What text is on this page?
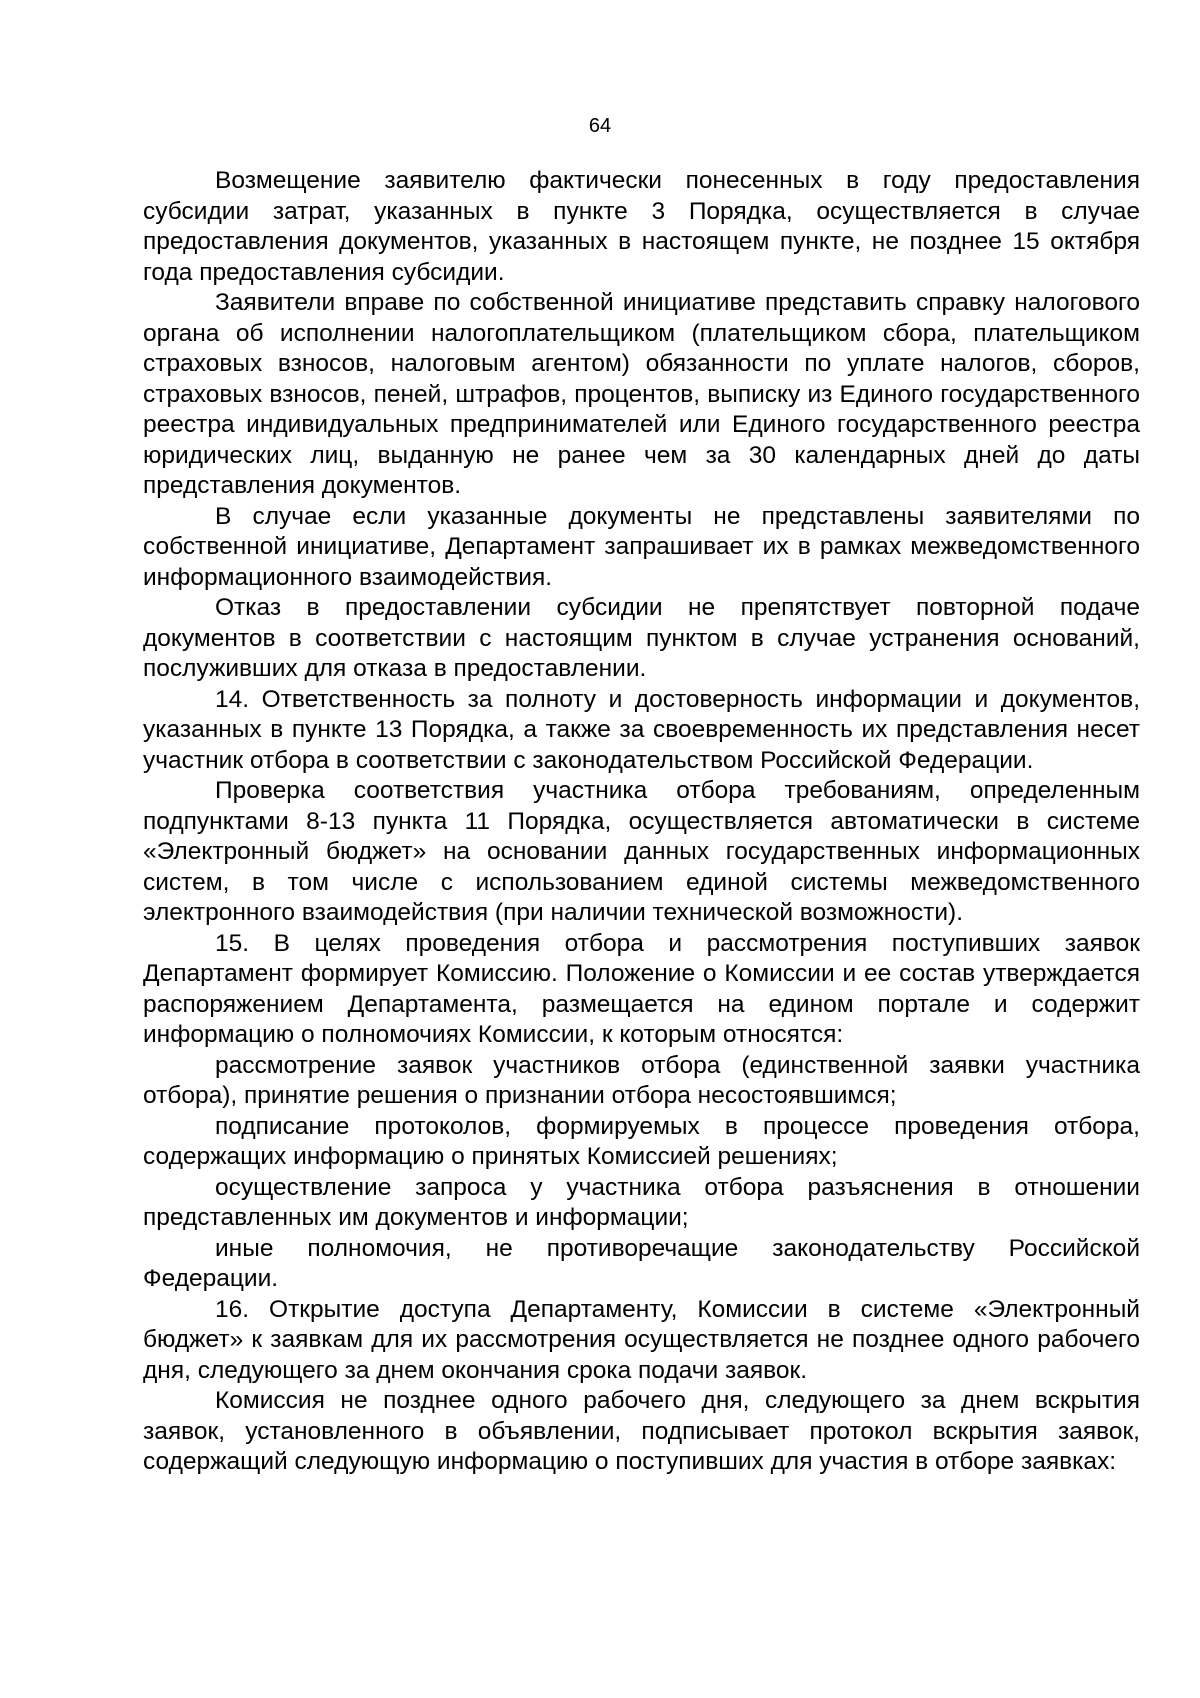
64

Возмещение заявителю фактически понесенных в году предоставления субсидии затрат, указанных в пункте 3 Порядка, осуществляется в случае предоставления документов, указанных в настоящем пункте, не позднее 15 октября года предоставления субсидии.

Заявители вправе по собственной инициативе представить справку налогового органа об исполнении налогоплательщиком (плательщиком сбора, плательщиком страховых взносов, налоговым агентом) обязанности по уплате налогов, сборов, страховых взносов, пеней, штрафов, процентов, выписку из Единого государственного реестра индивидуальных предпринимателей или Единого государственного реестра юридических лиц, выданную не ранее чем за 30 календарных дней до даты представления документов.

В случае если указанные документы не представлены заявителями по собственной инициативе, Департамент запрашивает их в рамках межведомственного информационного взаимодействия.

Отказ в предоставлении субсидии не препятствует повторной подаче документов в соответствии с настоящим пунктом в случае устранения оснований, послуживших для отказа в предоставлении.

14. Ответственность за полноту и достоверность информации и документов, указанных в пункте 13 Порядка, а также за своевременность их представления несет участник отбора в соответствии с законодательством Российской Федерации.

Проверка соответствия участника отбора требованиям, определенным подпунктами 8-13 пункта 11 Порядка, осуществляется автоматически в системе «Электронный бюджет» на основании данных государственных информационных систем, в том числе с использованием единой системы межведомственного электронного взаимодействия (при наличии технической возможности).

15. В целях проведения отбора и рассмотрения поступивших заявок Департамент формирует Комиссию. Положение о Комиссии и ее состав утверждается распоряжением Департамента, размещается на едином портале и содержит информацию о полномочиях Комиссии, к которым относятся:

рассмотрение заявок участников отбора (единственной заявки участника отбора), принятие решения о признании отбора несостоявшимся;

подписание протоколов, формируемых в процессе проведения отбора, содержащих информацию о принятых Комиссией решениях;

осуществление запроса у участника отбора разъяснения в отношении представленных им документов и информации;

иные полномочия, не противоречащие законодательству Российской Федерации.

16. Открытие доступа Департаменту, Комиссии в системе «Электронный бюджет» к заявкам для их рассмотрения осуществляется не позднее одного рабочего дня, следующего за днем окончания срока подачи заявок.

Комиссия не позднее одного рабочего дня, следующего за днем вскрытия заявок, установленного в объявлении, подписывает протокол вскрытия заявок, содержащий следующую информацию о поступивших для участия в отборе заявках:
